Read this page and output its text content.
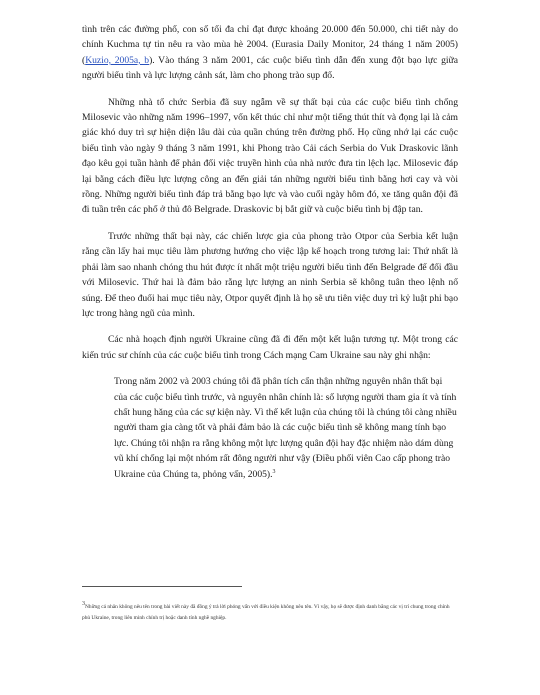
tình trên các đường phố, con số tối đa chỉ đạt được khoảng 20.000 đến 50.000, chi tiết này do chính Kuchma tự tin nêu ra vào mùa hè 2004. (Eurasia Daily Monitor, 24 tháng 1 năm 2005) (Kuzio, 2005a, b). Vào tháng 3 năm 2001, các cuộc biểu tình dẫn đến xung đột bạo lực giữa người biểu tình và lực lượng cảnh sát, làm cho phong trào sụp đổ.

Những nhà tổ chức Serbia đã suy ngẫm về sự thất bại của các cuộc biểu tình chống Milosevic vào những năm 1996–1997, vốn kết thúc chỉ như một tiếng thút thít và đọng lại là cảm giác khó duy trì sự hiện diện lâu dài của quần chúng trên đường phố. Họ cũng nhớ lại các cuộc biểu tình vào ngày 9 tháng 3 năm 1991, khi Phong trào Cải cách Serbia do Vuk Draskovic lãnh đạo kêu gọi tuần hành để phản đối việc truyền hình của nhà nước đưa tin lệch lạc. Milosevic đáp lại bằng cách điều lực lượng công an đến giải tán những người biểu tình bằng hơi cay và vòi rồng. Những người biểu tình đáp trả bằng bạo lực và vào cuối ngày hôm đó, xe tăng quân đội đã đi tuần trên các phố ở thủ đô Belgrade. Draskovic bị bắt giữ và cuộc biểu tình bị đập tan.

Trước những thất bại này, các chiến lược gia của phong trào Otpor của Serbia kết luận rằng cần lấy hai mục tiêu làm phương hướng cho việc lập kế hoạch trong tương lai: Thứ nhất là phải làm sao nhanh chóng thu hút được ít nhất một triệu người biểu tình đến Belgrade để đối đầu với Milosevic. Thứ hai là đảm bảo rằng lực lượng an ninh Serbia sẽ không tuân theo lệnh nổ súng. Để theo đuổi hai mục tiêu này, Otpor quyết định là họ sẽ ưu tiên việc duy trì kỷ luật phi bạo lực trong hàng ngũ của mình.

Các nhà hoạch định người Ukraine cũng đã đi đến một kết luận tương tự. Một trong các kiến trúc sư chính của các cuộc biểu tình trong Cách mạng Cam Ukraine sau này ghi nhận:

Trong năm 2002 và 2003 chúng tôi đã phân tích cẩn thận những nguyên nhân thất bại của các cuộc biểu tình trước, và nguyên nhân chính là: số lượng người tham gia ít và tính chất hung hăng của các sự kiện này. Vì thế kết luận của chúng tôi là chúng tôi càng nhiều người tham gia càng tốt và phải đảm bảo là các cuộc biểu tình sẽ không mang tính bạo lực. Chúng tôi nhận ra rằng không một lực lượng quân đội hay đặc nhiệm nào dám dùng vũ khí chống lại một nhóm rất đông người như vậy (Điều phối viên Cao cấp phong trào Ukraine của Chúng ta, phỏng vấn, 2005).$^3$
$^3$Những cá nhân không nêu tên trong bài viết này đã đồng ý trả lời phỏng vấn với điều kiện không nêu tên. Vì vậy, họ sẽ được định danh bằng các vị trí chung trong chính phủ Ukraine, trong liên minh chính trị hoặc danh tính nghề nghiệp.
